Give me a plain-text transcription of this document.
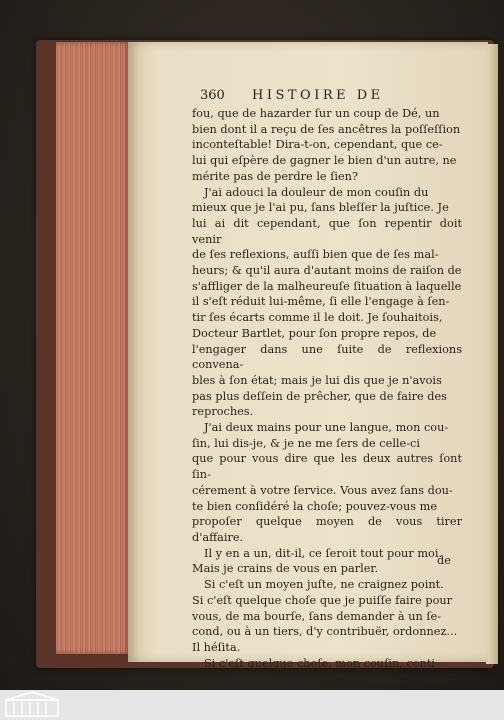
360 HISTOIRE DE

fou, que de hazarder ſur un coup de Dé, un

bien dont il a reçu de ſes ancêtres la poſſeſſion

inconteſtable! Dira-t-on, cependant, que ce-

lui qui eſpère de gagner le bien d'un autre, ne

mérite pas de perdre le ſien?

J'ai adouci la douleur de mon couſin du

mieux que je l'ai pu, ſans bleſſer la juſtice. Je

lui ai dit cependant, que ſon repentir doit venir

de ſes reflexions, auſſi bien que de ſes mal-

heurs; & qu'il aura d'autant moins de raiſon de

s'affliger de la malheureuſe ſituation à laquelle

il s'eſt réduit lui-même, ſi elle l'engage à ſen-

tir ſes écarts comme il le doit. Je ſouhaitois,

Docteur Bartlet, pour ſon propre repos, de

l'engager dans une ſuite de reflexions convena-

bles à ſon état; mais je lui dis que je n'avois

pas plus deſſein de prêcher, que de faire des

reproches.

J'ai deux mains pour une langue, mon cou-

ſin, lui dis-je, & je ne me ſers de celle-ci

que pour vous dire que les deux autres ſont ſin-

cérement à votre ſervice. Vous avez ſans dou-

te bien conſidéré la choſe; pouvez-vous me

propoſer quelque moyen de vous tirer d'affaire.

Il y en a un, dit-il, ce ſeroit tout pour moi.

Mais je crains de vous en parler.

Si c'eſt un moyen juſte, ne craignez point.

Si c'eſt quelque choſe que je puiſſe faire pour

vous, de ma bourſe, ſans demander à un ſe-

cond, ou à un tiers, d'y contribuër, ordonnez...

Il héſita.

Si c'eſt quelque choſe, mon couſin, conti-

nuai-je, où vous croyez qu'en honneur, en juſ-

de
